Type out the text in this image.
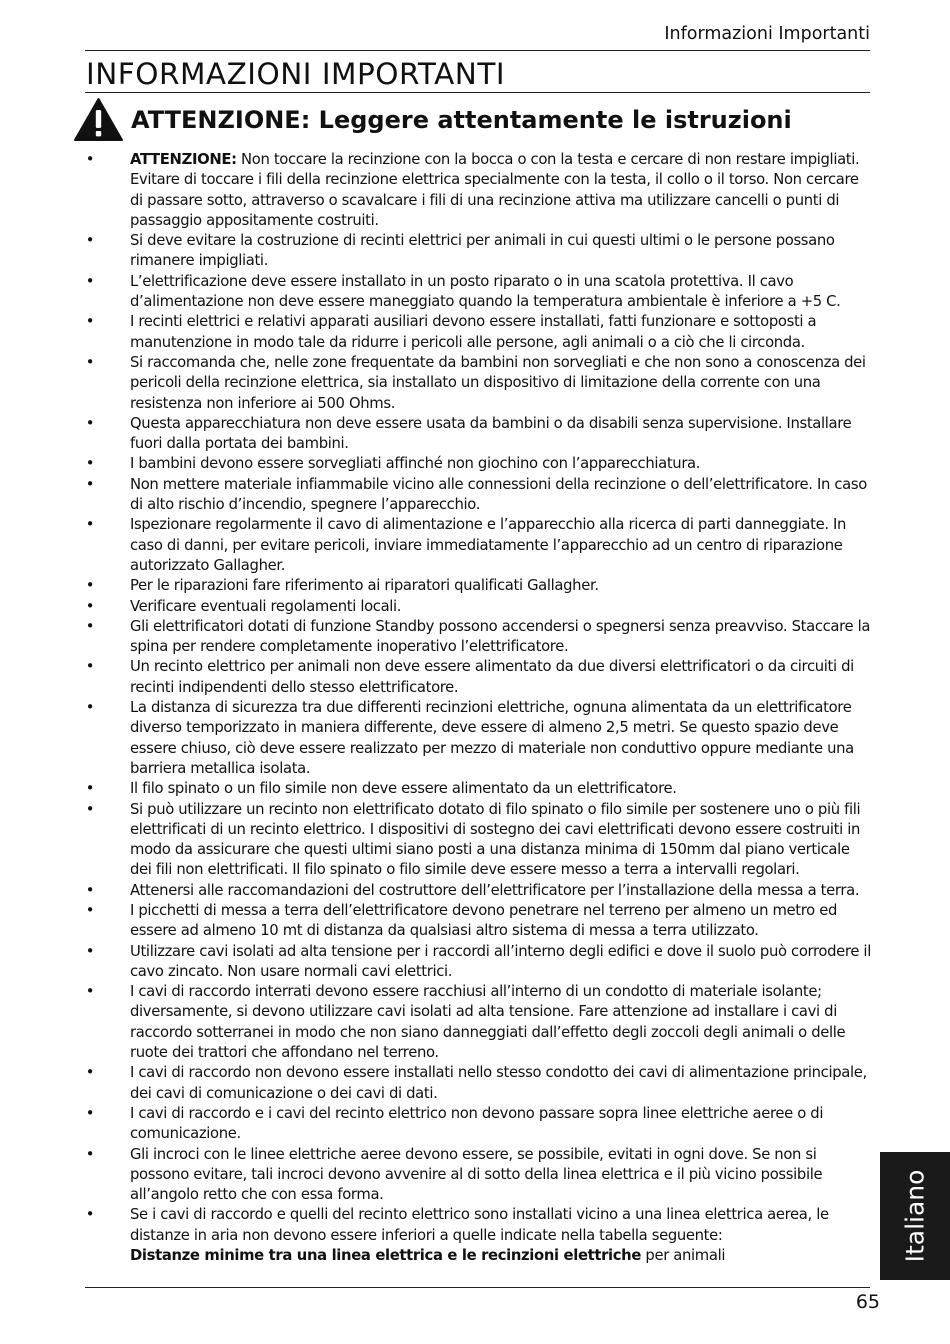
Informazioni Importanti
INFORMAZIONI IMPORTANTI
ATTENZIONE: Leggere attentamente le istruzioni
• ATTENZIONE: Non toccare la recinzione con la bocca o con la testa e cercare di non restare impigliati. Evitare di toccare i fili della recinzione elettrica specialmente con la testa, il collo o il torso. Non cercare di passare sotto, attraverso o scavalcare i fili di una recinzione attiva ma utilizzare cancelli o punti di passaggio appositamente costruiti.
• Si deve evitare la costruzione di recinti elettrici per animali in cui questi ultimi o le persone possano rimanere impigliati.
• L’elettrificazione deve essere installato in un posto riparato o in una scatola protettiva. Il cavo d’alimentazione non deve essere maneggiato quando la temperatura ambientale è inferiore a +5 C.
• I recinti elettrici e relativi apparati ausiliari devono essere installati, fatti funzionare e sottoposti a manutenzione in modo tale da ridurre i pericoli alle persone, agli animali o a ciò che li circonda.
• Si raccomanda che, nelle zone frequentate da bambini non sorvegliati e che non sono a conoscenza dei pericoli della recinzione elettrica, sia installato un dispositivo di limitazione della corrente con una resistenza non inferiore ai 500 Ohms.
• Questa apparecchiatura non deve essere usata da bambini o da disabili senza supervisione. Installare fuori dalla portata dei bambini.
• I bambini devono essere sorvegliati affinché non giochino con l’apparecchiatura.
• Non mettere materiale infiammabile vicino alle connessioni della recinzione o dell’elettrificatore. In caso di alto rischio d’incendio, spegnere l’apparecchio.
• Ispezionare regolarmente il cavo di alimentazione e l’apparecchio alla ricerca di parti danneggiate. In caso di danni, per evitare pericoli, inviare immediatamente l’apparecchio ad un centro di riparazione autorizzato Gallagher.
• Per le riparazioni fare riferimento ai riparatori qualificati Gallagher.
• Verificare eventuali regolamenti locali.
• Gli elettrificatori dotati di funzione Standby possono accendersi o spegnersi senza preavviso. Staccare la spina per rendere completamente inoperativo l’elettrificatore.
• Un recinto elettrico per animali non deve essere alimentato da due diversi elettrificatori o da circuiti di recinti indipendenti dello stesso elettrificatore.
• La distanza di sicurezza tra due differenti recinzioni elettriche, ognuna alimentata da un elettrificatore diverso temporizzato in maniera differente, deve essere di almeno 2,5 metri. Se questo spazio deve essere chiuso, ciò deve essere realizzato per mezzo di materiale non conduttivo oppure mediante una barriera metallica isolata.
• Il filo spinato o un filo simile non deve essere alimentato da un elettrificatore.
• Si può utilizzare un recinto non elettrificato dotato di filo spinato o filo simile per sostenere uno o più fili elettrificati di un recinto elettrico. I dispositivi di sostegno dei cavi elettrificati devono essere costruiti in modo da assicurare che questi ultimi siano posti a una distanza minima di 150mm dal piano verticale dei fili non elettrificati. Il filo spinato o filo simile deve essere messo a terra a intervalli regolari.
• Attenersi alle raccomandazioni del costruttore dell’elettrificatore per l’installazione della messa a terra.
• I picchetti di messa a terra dell’elettrificatore devono penetrare nel terreno per almeno un metro ed essere ad almeno 10 mt di distanza da qualsiasi altro sistema di messa a terra utilizzato.
• Utilizzare cavi isolati ad alta tensione per i raccordi all’interno degli edifici e dove il suolo può corrodere il cavo zincato. Non usare normali cavi elettrici.
• I cavi di raccordo interrati devono essere racchiusi all’interno di un condotto di materiale isolante; diversamente, si devono utilizzare cavi isolati ad alta tensione. Fare attenzione ad installare i cavi di raccordo sotterranei in modo che non siano danneggiati dall’effetto degli zoccoli degli animali o delle ruote dei trattori che affondano nel terreno.
• I cavi di raccordo non devono essere installati nello stesso condotto dei cavi di alimentazione principale, dei cavi di comunicazione o dei cavi di dati.
• I cavi di raccordo e i cavi del recinto elettrico non devono passare sopra linee elettriche aeree o di comunicazione.
• Gli incroci con le linee elettriche aeree devono essere, se possibile, evitati in ogni dove. Se non si possono evitare, tali incroci devono avvenire al di sotto della linea elettrica e il più vicino possibile all’angolo retto che con essa forma.
• Se i cavi di raccordo e quelli del recinto elettrico sono installati vicino a una linea elettrica aerea, le distanze in aria non devono essere inferiori a quelle indicate nella tabella seguente:
Distanze minime tra una linea elettrica e le recinzioni elettriche per animali	Italiano
65
